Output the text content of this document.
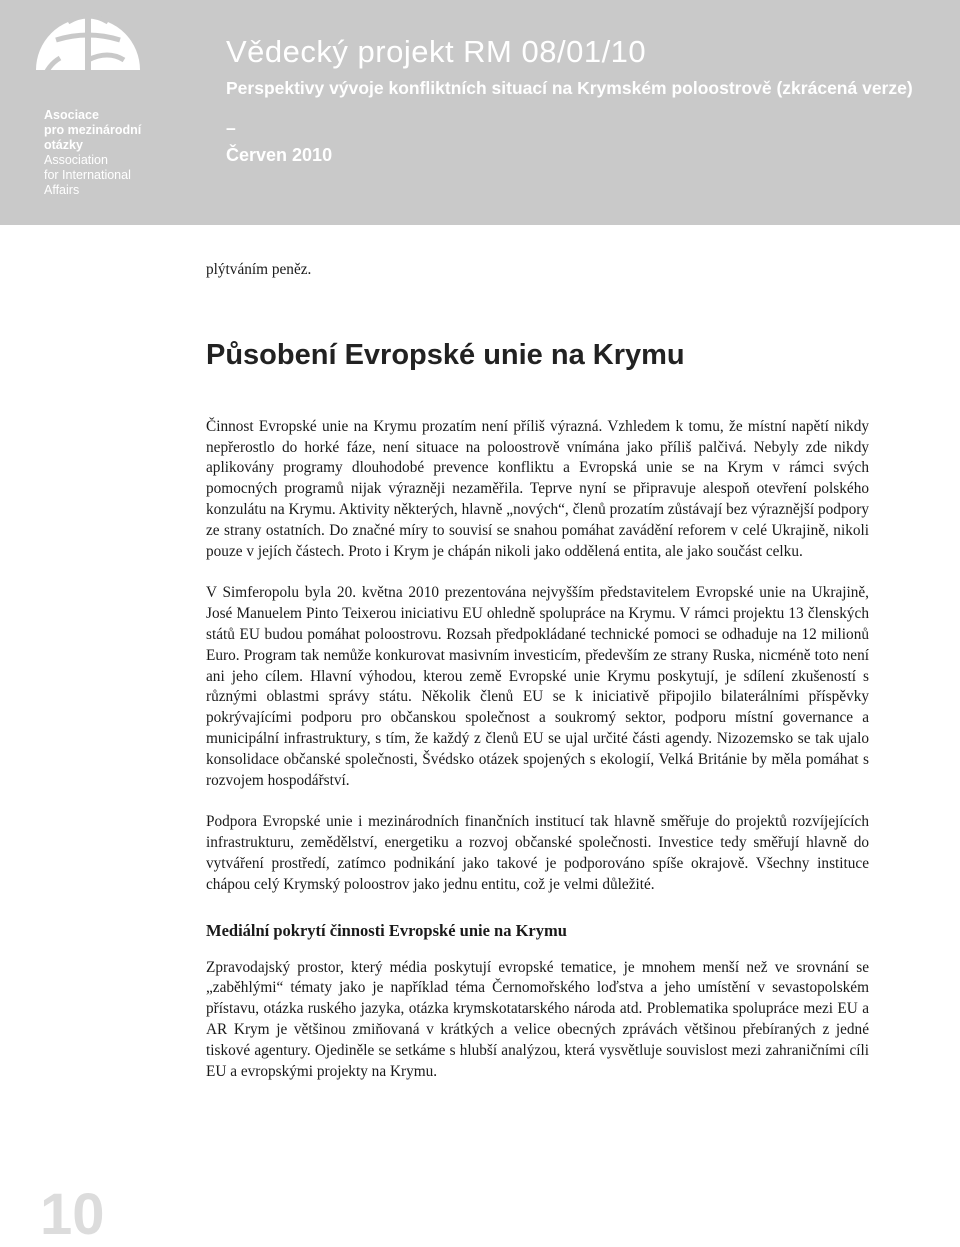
Asociace
pro mezinárodní
otázky
Association
for International
Affairs
Vědecký projekt RM 08/01/10
Perspektivy vývoje konfliktních situací na Krymském poloostrově (zkrácená verze)
–
Červen 2010

plýtváním peněz.

Působení Evropské unie na Krymu

Činnost Evropské unie na Krymu prozatím není příliš výrazná. Vzhledem k tomu, že místní napětí nikdy nepřerostlo do horké fáze, není situace na poloostrově vnímána jako příliš palčivá. Nebyly zde nikdy aplikovány programy dlouhodobé prevence konfliktu a Evropská unie se na Krym v rámci svých pomocných programů nijak výrazněji nezaměřila. Teprve nyní se připravuje alespoň otevření polského konzulátu na Krymu. Aktivity některých, hlavně „nových“, členů prozatím zůstávají bez výraznější podpory ze strany ostatních. Do značné míry to souvisí se snahou pomáhat zavádění reforem v celé Ukrajině, nikoli pouze v jejích částech. Proto i Krym je chápán nikoli jako oddělená entita, ale jako součást celku.

V Simferopolu byla 20. května 2010 prezentována nejvyšším představitelem Evropské unie na Ukrajině, José Manuelem Pinto Teixerou iniciativu EU ohledně spolupráce na Krymu. V rámci projektu 13 členských států EU budou pomáhat poloostrovu. Rozsah předpokládané technické pomoci se odhaduje na 12 milionů Euro. Program tak nemůže konkurovat masivním investicím, především ze strany Ruska, nicméně toto není ani jeho cílem. Hlavní výhodou, kterou země Evropské unie Krymu poskytují, je sdílení zkušeností s různými oblastmi správy státu. Několik členů EU se k iniciativě připojilo bilaterálními příspěvky pokrývajícími podporu pro občanskou společnost a soukromý sektor, podporu místní governance a municipální infrastruktury, s tím, že každý z členů EU se ujal určité části agendy. Nizozemsko se tak ujalo konsolidace občanské společnosti, Švédsko otázek spojených s ekologií, Velká Británie by měla pomáhat s rozvojem hospodářství.

Podpora Evropské unie i mezinárodních finančních institucí tak hlavně směřuje do projektů rozvíjejících infrastrukturu, zemědělství, energetiku a rozvoj občanské společnosti. Investice tedy směřují hlavně do vytváření prostředí, zatímco podnikání jako takové je podporováno spíše okrajově. Všechny instituce chápou celý Krymský poloostrov jako jednu entitu, což je velmi důležité.

Mediální pokrytí činnosti Evropské unie na Krymu

Zpravodajský prostor, který média poskytují evropské tematice, je mnohem menší než ve srovnání se „zaběhlými“ tématy jako je například téma Černomořského loďstva a jeho umístění v sevastopolském přístavu, otázka ruského jazyka, otázka krymskotatarského národa atd. Problematika spolupráce mezi EU a AR Krym je většinou zmiňovaná v krátkých a velice obecných zprávách většinou přebíraných z jedné tiskové agentury. Ojediněle se setkáme s hlubší analýzou, která vysvětluje souvislost mezi zahraničními cíli EU a evropskými projekty na Krymu.

10
